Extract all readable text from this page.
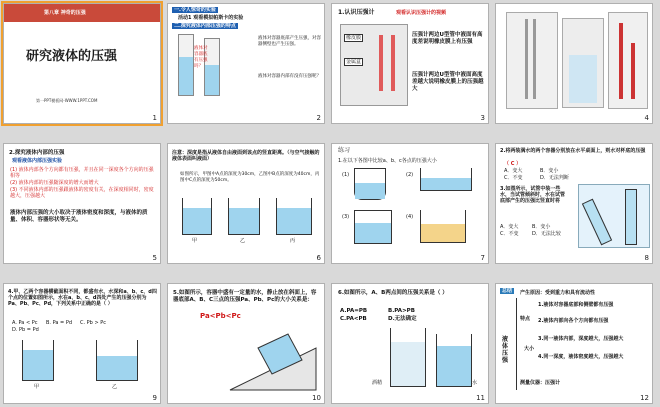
第八章 神奇的压强
研究液体的压强
第一PPT模板网-WWW.1PPT.COM
1
一.令人惊奇的实验
活动1 观看模拟帕斯卡的实验
二.探究液体内部压强的特点
液体对容器底有压强吗？
液体对容器底部产生压强，对容器侧壁也产生压强。
液体对容器内部有没有压强呢？
2
1.认识压强计	观看认识压强计的视频
橡皮膜
金属盒
压强计两边U型管中液面有高度差说明橡皮膜上有压强
压强计两边U型管中液面高度差越大说明橡皮膜上的压强越大
3	4
2.探究液体内部的压强
观看液体内部压强实验
(1) 液体内部各个方向都有压强，并且在同一深度各个方向的压强相等
(2) 液体内部的压强随深度的增大而增大
(3) 不同液体内部的压强跟液体的密度有关，在深度相同时，密度越大，压强越大
液体内部压强的大小取决于液体密度和深度，与液体的质量、体积、容器形状等无关。
5
注意：深度是指从液体自由液面到该点的竖直距离。（与空气接触的液体表面叫液面）
如图所示，甲图中A点的深度为30cm，乙图中B点的深度为40cm，丙图中C点的深度为50cm。
甲	乙	丙
6
练习
1.在以下各图中比较a、b、c各点的压强大小
(1)	(2)
(3)	(4)
7
2.将两装满水的两个容器分别放在水平桌面上，则水对杯底的压强
（ C ）
A．变大	B．变小
C．不变	D．无法判断
3.如图所示，试管中装一些水，当试管倾斜时，水在试管底部产生的压强比竖直时将
A．变大	B．变小
C．不变	D．无法比较
8
4.甲、乙两个容器横截面积不同，都盛有水，水深和a、b、c、d四个点的位置如图所示，水在a、b、c、d四处产生的压强分别为Pa、Pb、Pc、Pd，下列关系中正确的是（ ）
A. Pa < Pc B. Pa = Pd C. Pb > Pc
D. Pb = Pd
甲	乙
9
5.如图所示，容器中盛有一定量的水，静止放在斜面上，容器底部A、B、C三点的压强Pa、Pb、Pc的大小关系是：
Pa<Pb<Pc
10
6.如图所示，A、B两点间的压强关系是（ ）
A.PA=PB	B.PA>PB
C.PA<PB	D.无法确定
酒精	水
11
总结
液体压强
产生原因：受到重力和具有流动性
特点
1.液体对容器底部和侧壁都有压强
2.液体内部向各个方向都有压强
大小
3.同一液体内部，深度越大，压强越大
4.同一深度，液体密度越大，压强越大
测量仪器：压强计
12
